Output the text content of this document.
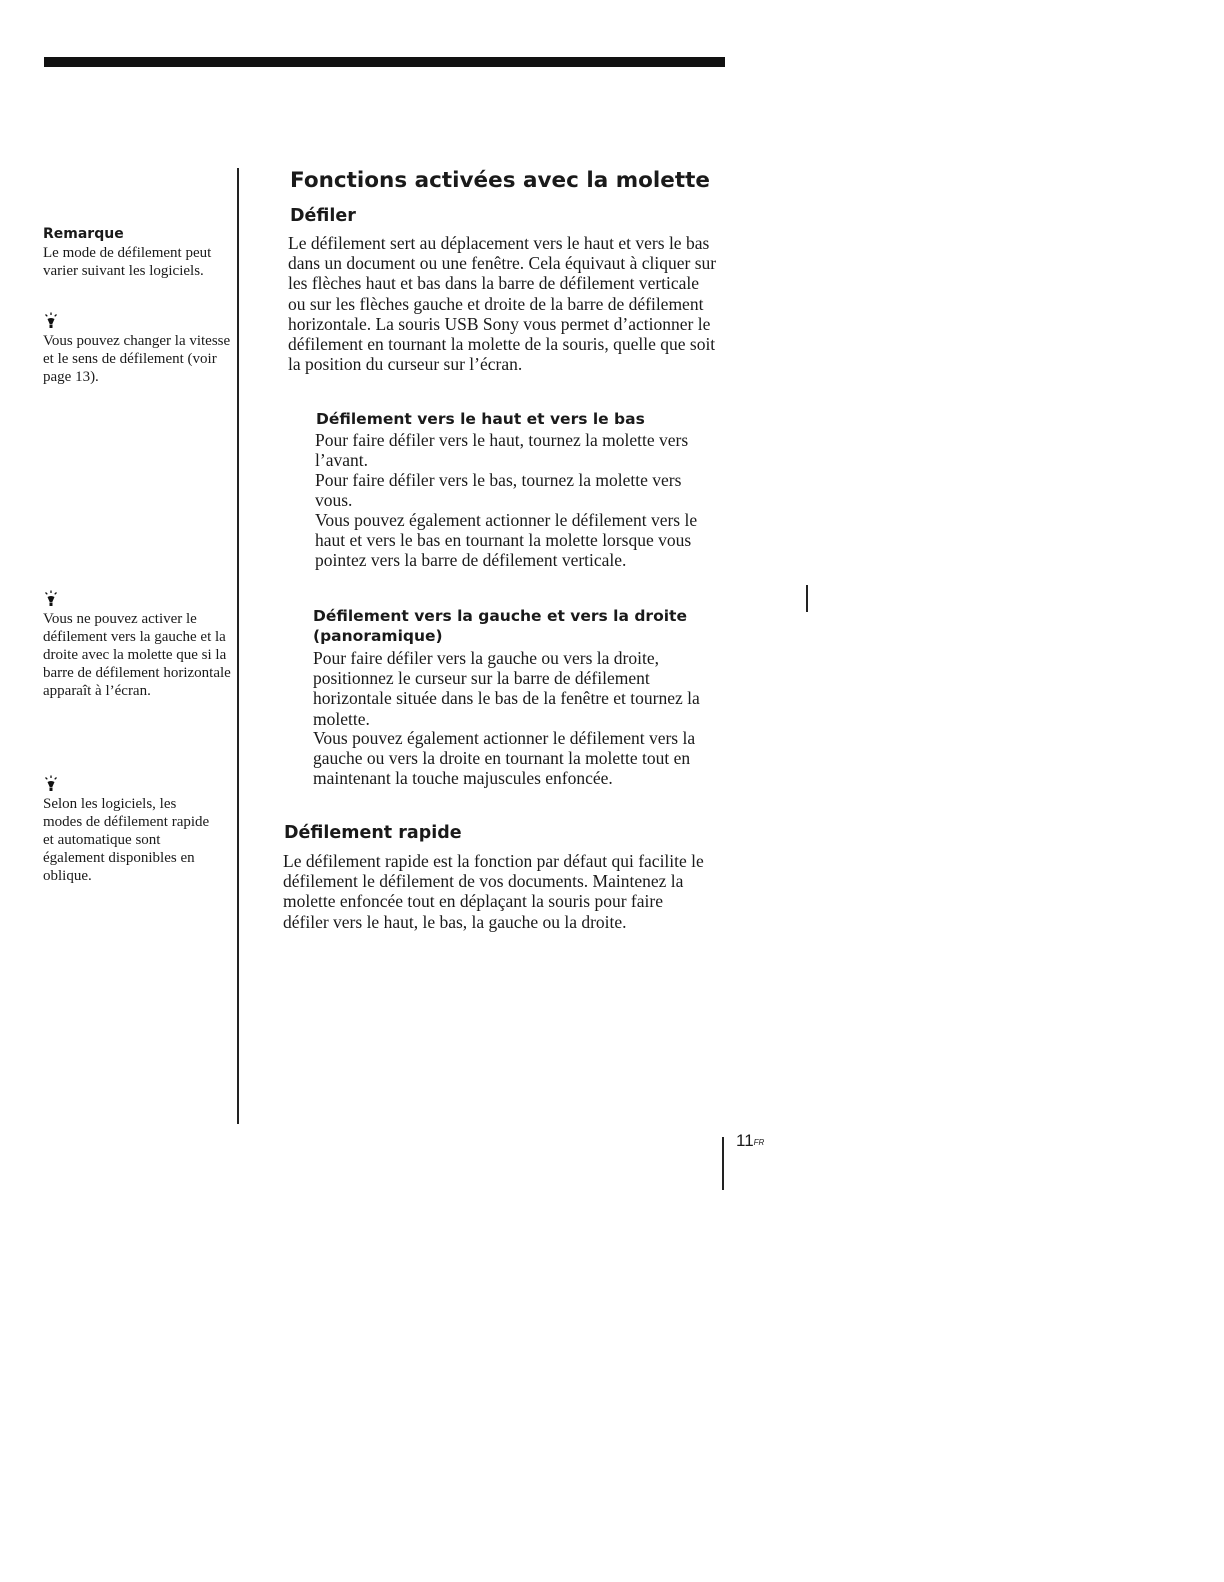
Remarque

Le mode de défilement peut varier suivant les logiciels.

Vous pouvez changer la vitesse et le sens de défilement (voir page 13).

Vous ne pouvez activer le défilement vers la gauche et la droite avec la molette que si la barre de défilement horizontale apparaît à l’écran.

Selon les logiciels, les modes de défilement rapide et automatique sont également disponibles en oblique.

Fonctions activées avec la molette
Défiler

Le défilement sert au déplacement vers le haut et vers le bas dans un document ou une fenêtre. Cela équivaut à cliquer sur les flèches haut et bas dans la barre de défilement verticale ou sur les flèches gauche et droite de la barre de défilement horizontale. La souris USB Sony vous permet d’actionner le défilement en tournant la molette de la souris, quelle que soit la position du curseur sur l’écran.

Défilement vers le haut et vers le bas

Pour faire défiler vers le haut, tournez la molette vers l’avant.

Pour faire défiler vers le bas, tournez la molette vers vous.

Vous pouvez également actionner le défilement vers le haut et vers le bas en tournant la molette lorsque vous pointez vers la barre de défilement verticale.

Défilement vers la gauche et vers la droite (panoramique)

Pour faire défiler vers la gauche ou vers la droite, positionnez le curseur sur la barre de défilement horizontale située dans le bas de la fenêtre et tournez la molette.

Vous pouvez également actionner le défilement vers la gauche ou vers la droite en tournant la molette tout en maintenant la touche majuscules enfoncée.

Défilement rapide

Le défilement rapide est la fonction par défaut qui facilite le défilement le défilement de vos documents. Maintenez la molette enfoncée tout en déplaçant la souris pour faire défiler vers le haut, le bas, la gauche ou la droite.

$11^{FR}$
